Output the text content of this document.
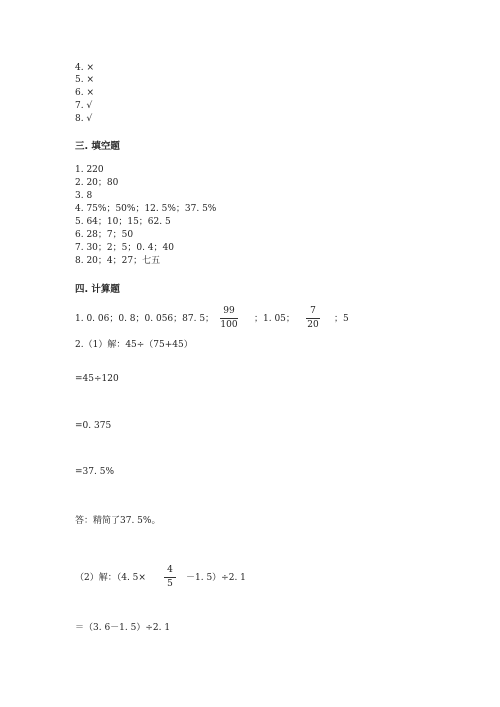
4. ×
5. ×
6. ×
7. √
8. √
三. 填空题
1. 220
2. 20；80
3. 8
4. 75%；50%；12. 5%；37. 5%
5. 64；10；15；62. 5
6. 28；7；50
7. 30；2；5；0. 4；40
8. 20；4；27；七五
四. 计算题
1. 0. 06；0. 8；0. 056；87. 5；
99
100
；1. 05；
7
20
；5
2.（1）解：45÷（75+45）
=45÷120
=0. 375
=37. 5%
答：精简了37. 5%。
（2）解：（4. 5×
4
5
－1. 5）÷2. 1
＝（3. 6－1. 5）÷2. 1
